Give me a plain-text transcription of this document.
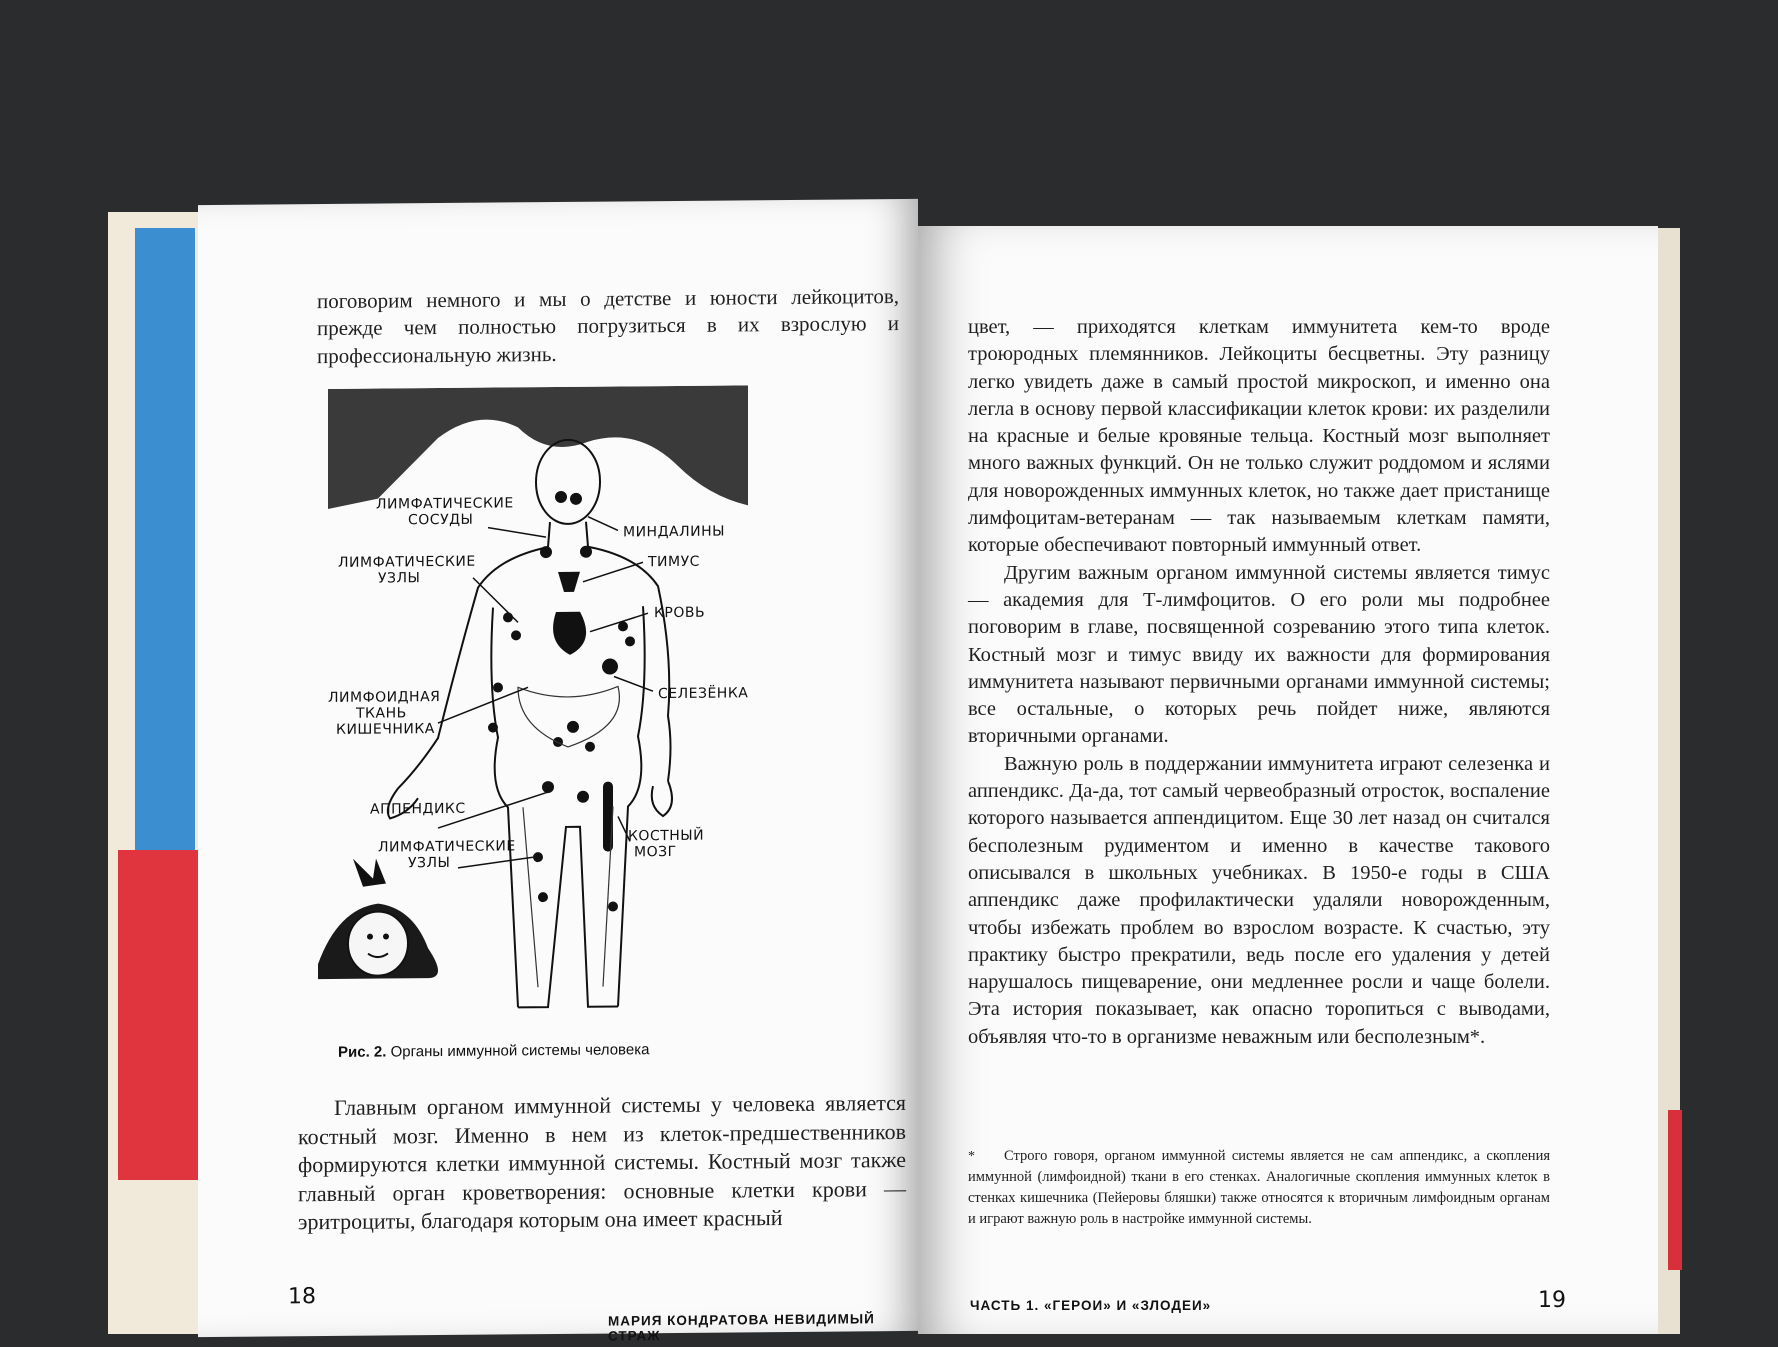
поговорим немного и мы о детстве и юности лейкоцитов, прежде чем полностью погрузиться в их взрослую и профессиональную жизнь.

ЛИМФАТИЧЕСКИЕ СОСУДЫ
МИНДАЛИНЫ
ЛИМФАТИЧЕСКИЕ УЗЛЫ
ТИМУС
КРОВЬ
СЕЛЕЗЁНКА
ЛИМФОИДНАЯ ТКАНЬ КИШЕЧНИКА
АППЕНДИКС
КОСТНЫЙ МОЗГ
ЛИМФАТИЧЕСКИЕ УЗЛЫ
Рис. 2. Органы иммунной системы человека

Главным органом иммунной системы у человека является костный мозг. Именно в нем из клеток-предшественников формируются клетки иммунной системы. Костный мозг также главный орган кроветворения: основные клетки крови — эритроциты, благодаря которым она имеет красный

18
МАРИЯ КОНДРАТОВА НЕВИДИМЫЙ СТРАЖ

цвет, — приходятся клеткам иммунитета кем-то вроде троюродных племянников. Лейкоциты бесцветны. Эту разницу легко увидеть даже в самый простой микроскоп, и именно она легла в основу первой классификации клеток крови: их разделили на красные и белые кровяные тельца. Костный мозг выполняет много важных функций. Он не только служит роддомом и яслями для новорожденных иммунных клеток, но также дает пристанище лимфоцитам-ветеранам — так называемым клеткам памяти, которые обеспечивают повторный иммунный ответ.

Другим важным органом иммунной системы является тимус — академия для Т-лимфоцитов. О его роли мы подробнее поговорим в главе, посвященной созреванию этого типа клеток. Костный мозг и тимус ввиду их важности для формирования иммунитета называют первичными органами иммунной системы; все остальные, о которых речь пойдет ниже, являются вторичными органами.

Важную роль в поддержании иммунитета играют селезенка и аппендикс. Да-да, тот самый червеобразный отросток, воспаление которого называется аппендицитом. Еще 30 лет назад он считался бесполезным рудиментом и именно в качестве такового описывался в школьных учебниках. В 1950-е годы в США аппендикс даже профилактически удаляли новорожденным, чтобы избежать проблем во взрослом возрасте. К счастью, эту практику быстро прекратили, ведь после его удаления у детей нарушалось пищеварение, они медленнее росли и чаще болели. Эта история показывает, как опасно торопиться с выводами, объявляя что-то в организме неважным или бесполезным*.

*	Строго говоря, органом иммунной системы является не сам аппендикс, а скопления иммунной (лимфоидной) ткани в его стенках. Аналогичные скопления иммунных клеток в стенках кишечника (Пейеровы бляшки) также относятся к вторичным лимфоидным органам и играют важную роль в настройке иммунной системы.

ЧАСТЬ 1. «ГЕРОИ» И «ЗЛОДЕИ»	19
